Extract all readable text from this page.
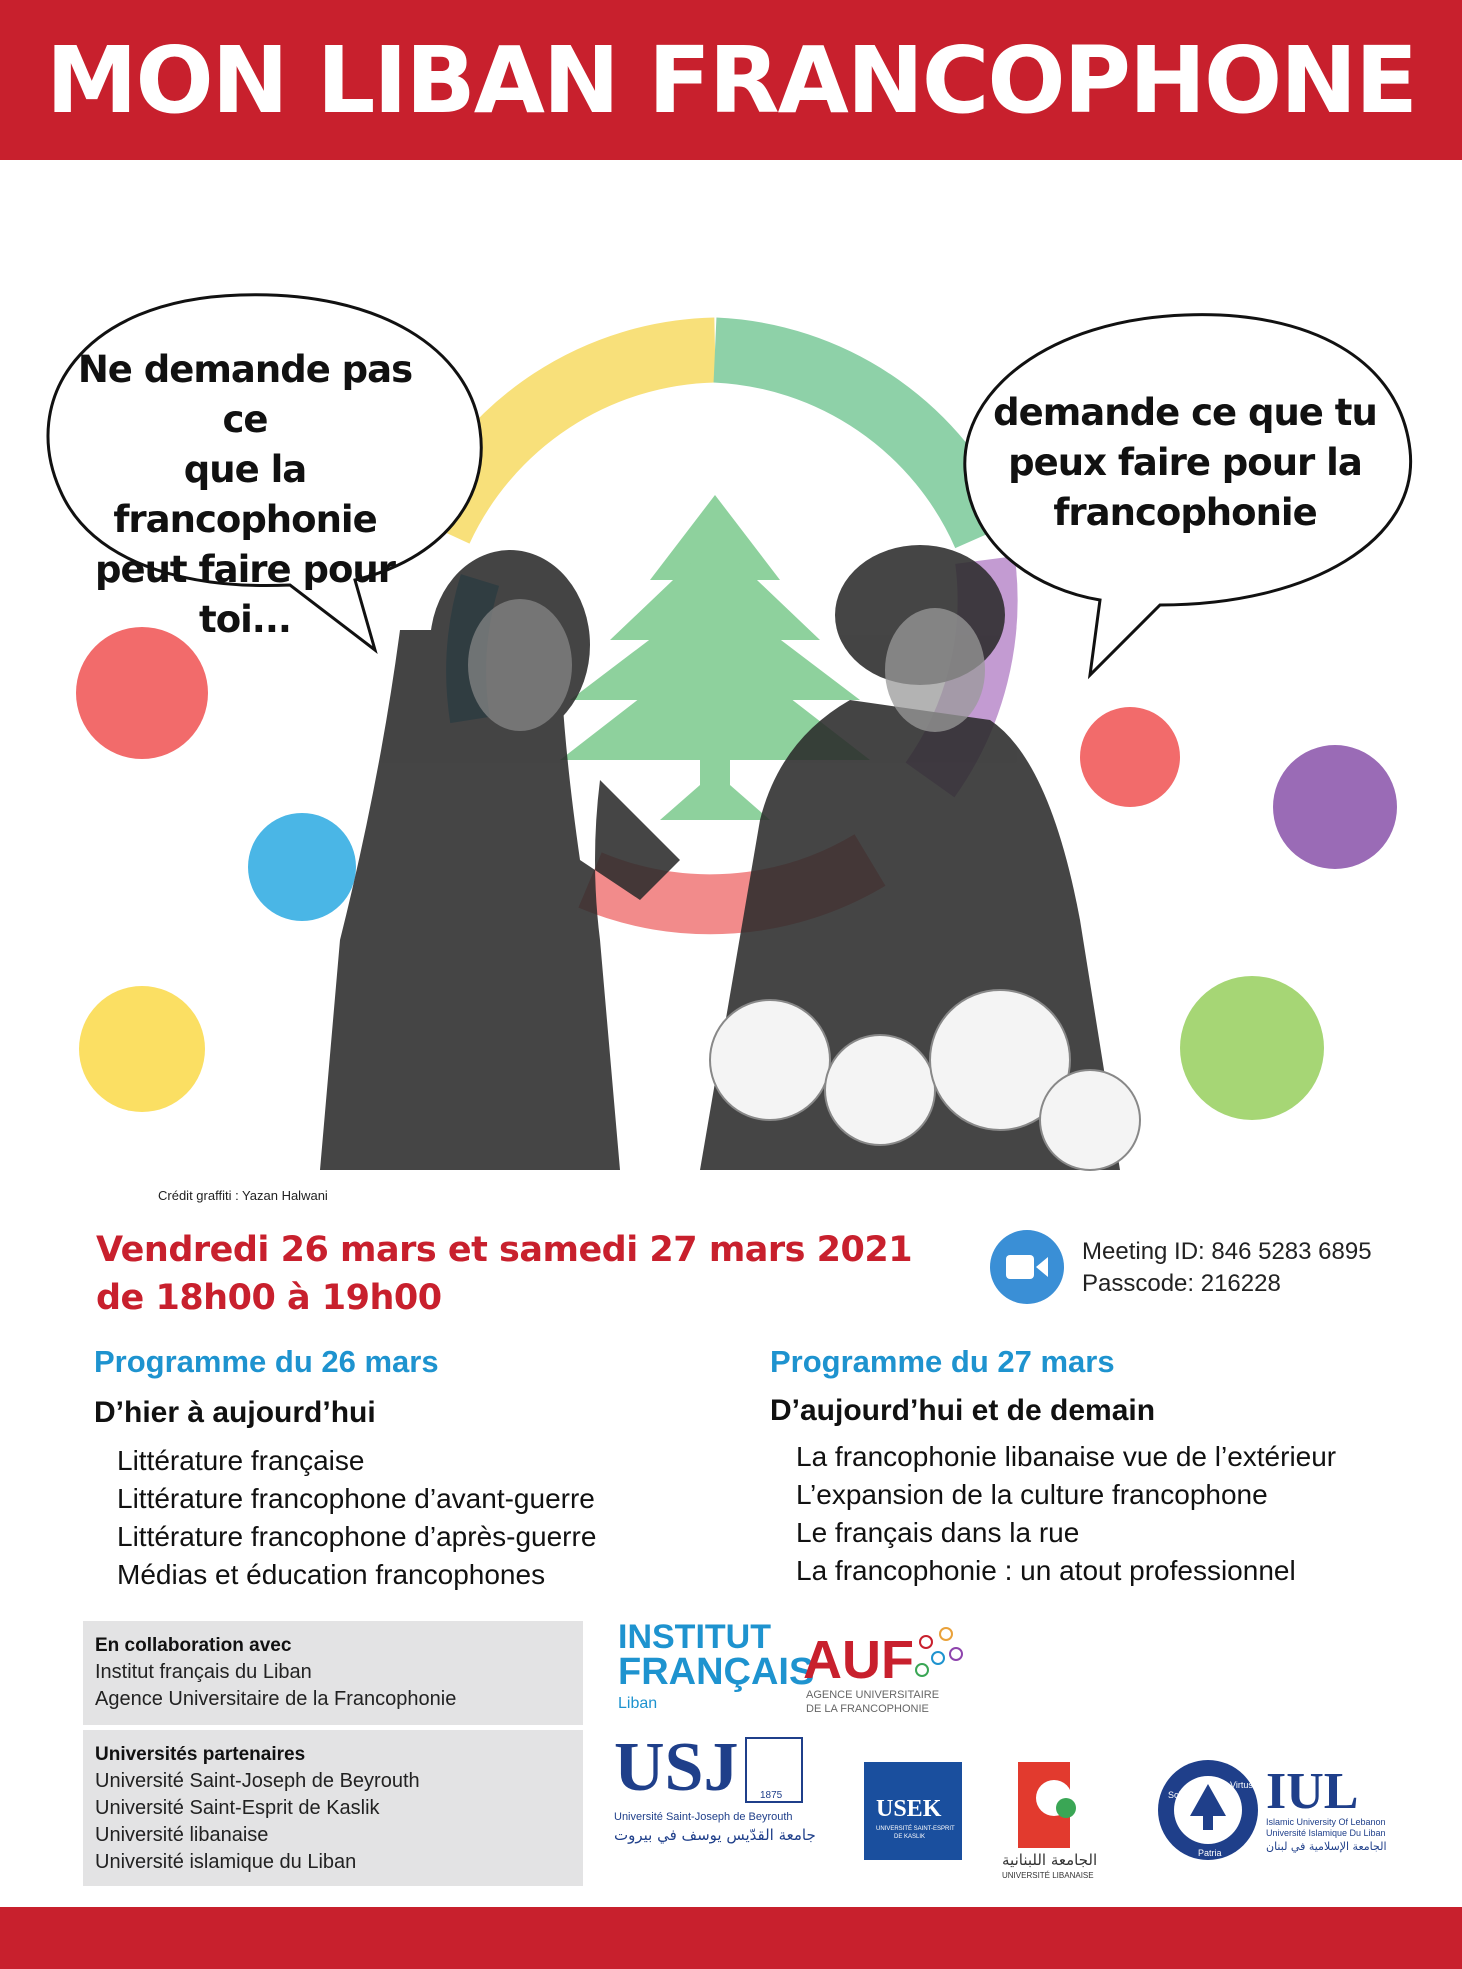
MON LIBAN FRANCOPHONE
Ne demande pas ce
que la francophonie
peut faire pour toi...
demande ce que tu
peux faire pour la
francophonie
Crédit graffiti : Yazan Halwani
Vendredi 26 mars et samedi 27 mars 2021
de 18h00 à 19h00
Meeting ID: 846 5283 6895
Passcode: 216228
Programme du 26 mars
D’hier à aujourd’hui
Littérature française
Littérature francophone d’avant-guerre
Littérature francophone d’après-guerre
Médias et éducation francophones
Programme du 27 mars
D’aujourd’hui et de demain
La francophonie libanaise vue de l’extérieur
L’expansion de la culture francophone
Le français dans la rue
La francophonie : un atout professionnel
En collaboration avec
Institut français du Liban
Agence Universitaire de la Francophonie
Universités partenaires
Université Saint-Joseph de Beyrouth
Université Saint-Esprit de Kaslik
Université libanaise
Université islamique du Liban
INSTITUT
FRANÇAIS
Liban
AUF
AGENCE UNIVERSITAIRE
DE LA FRANCOPHONIE
USJ 1875
Université Saint-Joseph de Beyrouth
جامعة القدّيس يوسف في بيروت
USEK
UNIVERSITÉ SAINT-ESPRIT
DE KASLIK
الجامعة اللبنانية
UNIVERSITÉ LIBANAISE
Scientia
Virtus
Patria
IUL
Islamic University Of Lebanon
Université Islamique Du Liban
الجامعة الإسلامية في لبنان
